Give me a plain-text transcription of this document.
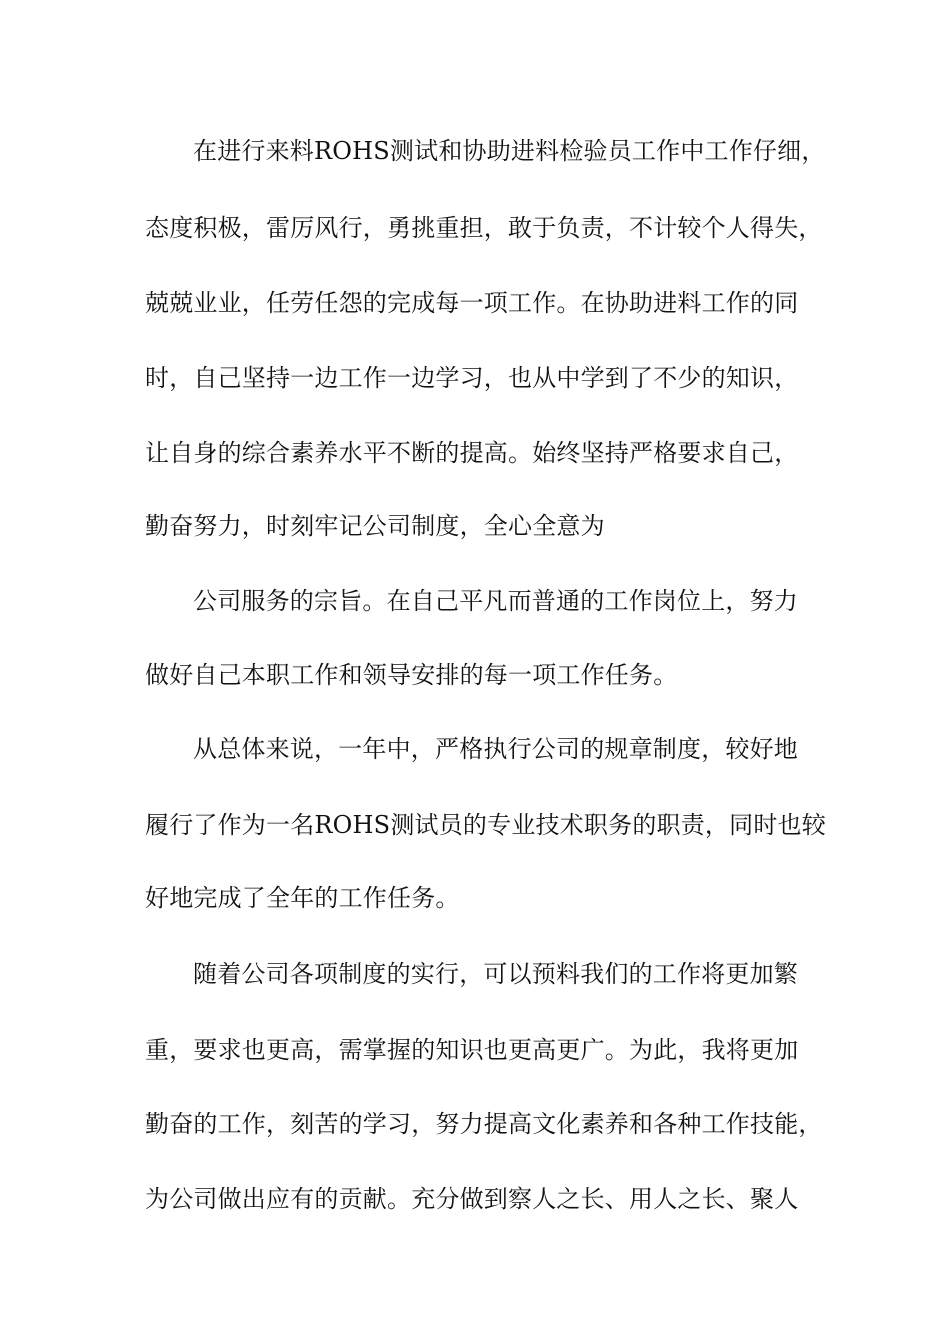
在进行来料ROHS测试和协助进料检验员工作中工作仔细，
态度积极，雷厉风行，勇挑重担，敢于负责，不计较个人得失，
兢兢业业，任劳任怨的完成每一项工作。在协助进料工作的同
时，自己坚持一边工作一边学习，也从中学到了不少的知识，
让自身的综合素养水平不断的提高。始终坚持严格要求自己，
勤奋努力，时刻牢记公司制度，全心全意为
公司服务的宗旨。在自己平凡而普通的工作岗位上，努力
做好自己本职工作和领导安排的每一项工作任务。
从总体来说，一年中，严格执行公司的规章制度，较好地
履行了作为一名ROHS测试员的专业技术职务的职责，同时也较
好地完成了全年的工作任务。
随着公司各项制度的实行，可以预料我们的工作将更加繁
重，要求也更高，需掌握的知识也更高更广。为此，我将更加
勤奋的工作，刻苦的学习，努力提高文化素养和各种工作技能，
为公司做出应有的贡献。充分做到察人之长、用人之长、聚人
